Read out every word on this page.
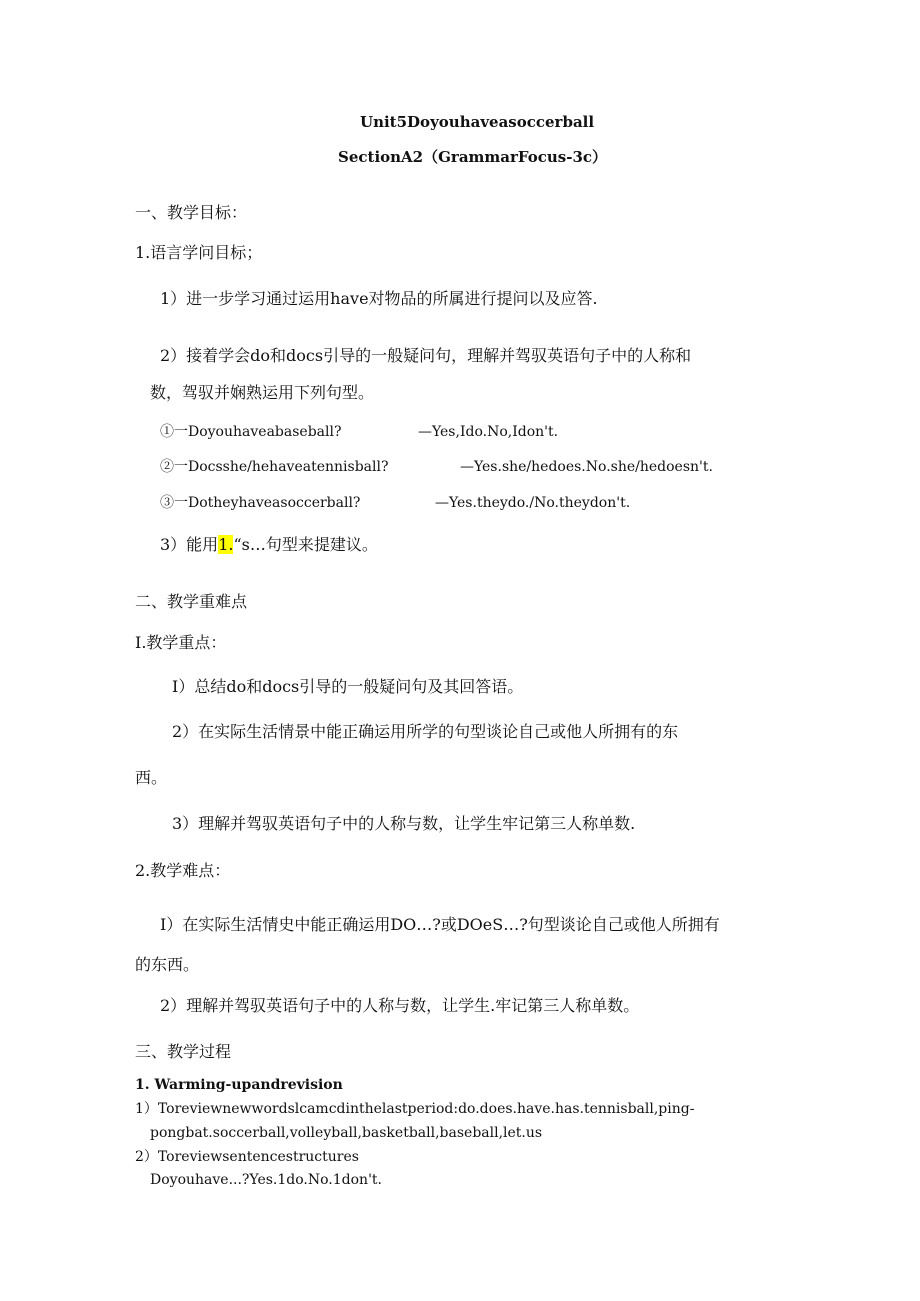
Unit5Doyouhaveasoccerball
SectionA2（GrammarFocus-3c）
一、教学目标：
1.语言学问目标；
1）进一步学习通过运用have对物品的所属进行提问以及应答.
2）接着学会do和docs引导的一般疑问句，理解并驾驭英语句子中的人称和
数，驾驭并娴熟运用下列句型。
①一Doyouhaveabaseball?	—Yes,Ido.No,Idon't.
②一Docsshe/hehaveatennisball?	—Yes.she/hedoes.No.she/hedoesn't.
③一Dotheyhaveasoccerball?	—Yes.theydo./No.theydon't.
3）能用1.“s…句型来提建议。
二、教学重难点
I.教学重点：
I）总结do和docs引导的一般疑问句及其回答语。
2）在实际生活情景中能正确运用所学的句型谈论自己或他人所拥有的东
西。
3）理解并驾驭英语句子中的人称与数，让学生牢记第三人称单数.
2.教学难点：
I）在实际生活情史中能正确运用DO…?或DOeS…?句型谈论自己或他人所拥有
的东西。
2）理解并驾驭英语句子中的人称与数，让学生.牢记第三人称单数。
三、教学过程
1. Warming-upandrevision
1）Toreviewnewwordslcamcdinthelastperiod:do.does.have.has.tennisball,ping-
pongbat.soccerball,volleyball,basketball,baseball,let.us
2）Toreviewsentencestructures
Doyouhave...?Yes.1do.No.1don't.
